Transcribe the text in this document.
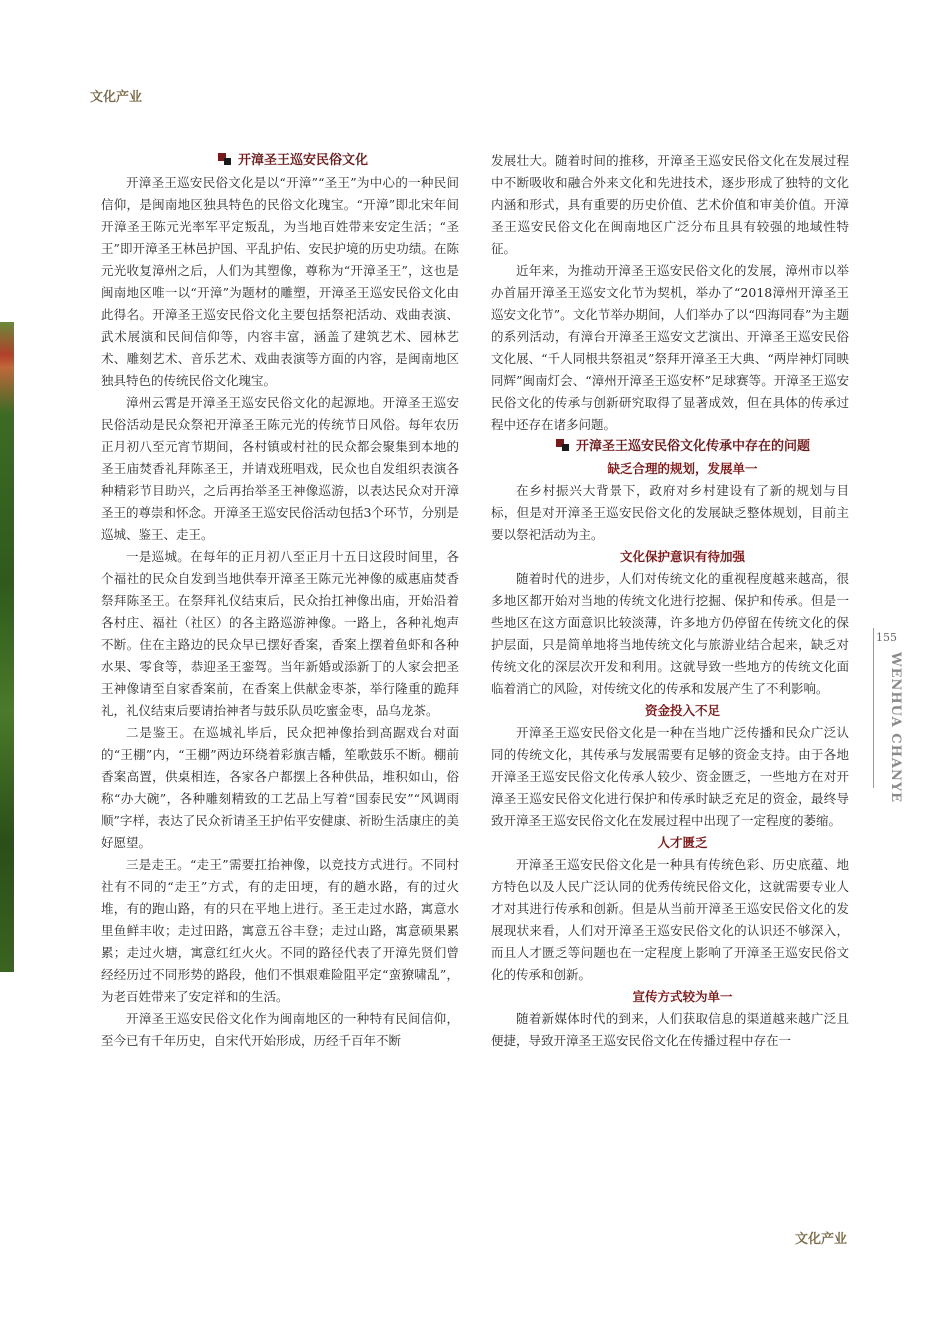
文化产业

开漳圣王巡安民俗文化

开漳圣王巡安民俗文化是以“开漳”“圣王”为中心的一种民间信仰，是闽南地区独具特色的民俗文化瑰宝。“开漳”即北宋年间开漳圣王陈元光率军平定叛乱，为当地百姓带来安定生活；“圣王”即开漳圣王林邑护国、平乱护佑、安民护境的历史功绩。在陈元光收复漳州之后，人们为其塑像，尊称为“开漳圣王”，这也是闽南地区唯一以“开漳”为题材的雕塑，开漳圣王巡安民俗文化由此得名。开漳圣王巡安民俗文化主要包括祭祀活动、戏曲表演、武术展演和民间信仰等，内容丰富，涵盖了建筑艺术、园林艺术、雕刻艺术、音乐艺术、戏曲表演等方面的内容，是闽南地区独具特色的传统民俗文化瑰宝。

漳州云霄是开漳圣王巡安民俗文化的起源地。开漳圣王巡安民俗活动是民众祭祀开漳圣王陈元光的传统节日风俗。每年农历正月初八至元宵节期间，各村镇或村社的民众都会聚集到本地的圣王庙焚香礼拜陈圣王，并请戏班唱戏，民众也自发组织表演各种精彩节目助兴，之后再抬举圣王神像巡游，以表达民众对开漳圣王的尊崇和怀念。开漳圣王巡安民俗活动包括3个环节，分别是巡城、鉴王、走王。

一是巡城。在每年的正月初八至正月十五日这段时间里，各个福社的民众自发到当地供奉开漳圣王陈元光神像的威惠庙焚香祭拜陈圣王。在祭拜礼仪结束后，民众抬扛神像出庙，开始沿着各村庄、福社（社区）的各主路巡游神像。一路上，各种礼炮声不断。住在主路边的民众早已摆好香案，香案上摆着鱼虾和各种水果、零食等，恭迎圣王銮驾。当年新婚或添新丁的人家会把圣王神像请至自家香案前，在香案上供献金枣茶，举行隆重的跪拜礼，礼仪结束后要请抬神者与鼓乐队员吃蜜金枣，品乌龙茶。

二是鉴王。在巡城礼毕后，民众把神像抬到高踞戏台对面的“王棚”内，“王棚”两边环绕着彩旗吉幡，笙歌鼓乐不断。棚前香案高置，供桌相连，各家各户都摆上各种供品，堆积如山，俗称“办大碗”，各种雕刻精致的工艺品上写着“国泰民安”“风调雨顺”字样，表达了民众祈请圣王护佑平安健康、祈盼生活康庄的美好愿望。

三是走王。“走王”需要扛抬神像，以竞技方式进行。不同村社有不同的“走王”方式，有的走田埂，有的趟水路，有的过火堆，有的跑山路，有的只在平地上进行。圣王走过水路，寓意水里鱼鲜丰收；走过田路，寓意五谷丰登；走过山路，寓意硕果累累；走过火塘，寓意红红火火。不同的路径代表了开漳先贤们曾经经历过不同形势的路段，他们不惧艰难险阻平定“蛮獠啸乱”，为老百姓带来了安定祥和的生活。

开漳圣王巡安民俗文化作为闽南地区的一种特有民间信仰，至今已有千年历史，自宋代开始形成，历经千百年不断

发展壮大。随着时间的推移，开漳圣王巡安民俗文化在发展过程中不断吸收和融合外来文化和先进技术，逐步形成了独特的文化内涵和形式，具有重要的历史价值、艺术价值和审美价值。开漳圣王巡安民俗文化在闽南地区广泛分布且具有较强的地域性特征。

近年来，为推动开漳圣王巡安民俗文化的发展，漳州市以举办首届开漳圣王巡安文化节为契机，举办了“2018漳州开漳圣王巡安文化节”。文化节举办期间，人们举办了以“四海同春”为主题的系列活动，有漳台开漳圣王巡安文艺演出、开漳圣王巡安民俗文化展、“千人同根共祭祖灵”祭拜开漳圣王大典、“两岸神灯同映同辉”闽南灯会、“漳州开漳圣王巡安杯”足球赛等。开漳圣王巡安民俗文化的传承与创新研究取得了显著成效，但在具体的传承过程中还存在诸多问题。

开漳圣王巡安民俗文化传承中存在的问题

缺乏合理的规划，发展单一

在乡村振兴大背景下，政府对乡村建设有了新的规划与目标，但是对开漳圣王巡安民俗文化的发展缺乏整体规划，目前主要以祭祀活动为主。

文化保护意识有待加强

随着时代的进步，人们对传统文化的重视程度越来越高，很多地区都开始对当地的传统文化进行挖掘、保护和传承。但是一些地区在这方面意识比较淡薄，许多地方仍停留在传统文化的保护层面，只是简单地将当地传统文化与旅游业结合起来，缺乏对传统文化的深层次开发和利用。这就导致一些地方的传统文化面临着消亡的风险，对传统文化的传承和发展产生了不利影响。

资金投入不足

开漳圣王巡安民俗文化是一种在当地广泛传播和民众广泛认同的传统文化，其传承与发展需要有足够的资金支持。由于各地开漳圣王巡安民俗文化传承人较少、资金匮乏，一些地方在对开漳圣王巡安民俗文化进行保护和传承时缺乏充足的资金，最终导致开漳圣王巡安民俗文化在发展过程中出现了一定程度的萎缩。

人才匮乏

开漳圣王巡安民俗文化是一种具有传统色彩、历史底蕴、地方特色以及人民广泛认同的优秀传统民俗文化，这就需要专业人才对其进行传承和创新。但是从当前开漳圣王巡安民俗文化的发展现状来看，人们对开漳圣王巡安民俗文化的认识还不够深入，而且人才匮乏等问题也在一定程度上影响了开漳圣王巡安民俗文化的传承和创新。

宣传方式较为单一

随着新媒体时代的到来，人们获取信息的渠道越来越广泛且便捷，导致开漳圣王巡安民俗文化在传播过程中存在一

155
WENHUA CHANYE
文化产业
